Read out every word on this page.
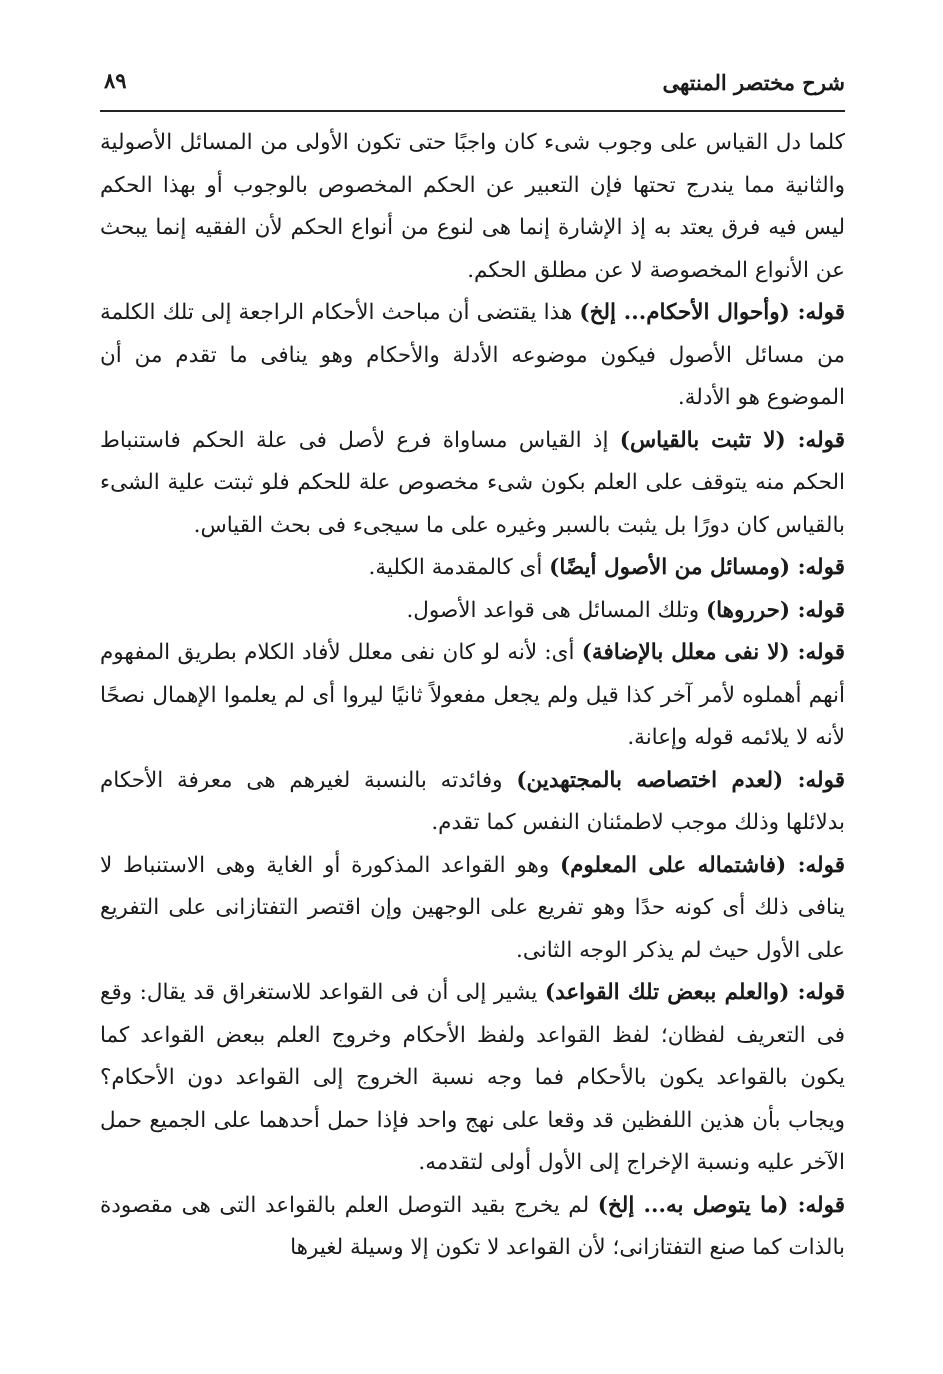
شرح مختصر المنتهى
٨٩

كلما دل القياس على وجوب شىء كان واجبًا حتى تكون الأولى من المسائل الأصولية والثانية مما يندرج تحتها فإن التعبير عن الحكم المخصوص بالوجوب أو بهذا الحكم ليس فيه فرق يعتد به إذ الإشارة إنما هى لنوع من أنواع الحكم لأن الفقيه إنما يبحث عن الأنواع المخصوصة لا عن مطلق الحكم.

قوله: (وأحوال الأحكام... إلخ) هذا يقتضى أن مباحث الأحكام الراجعة إلى تلك الكلمة من مسائل الأصول فيكون موضوعه الأدلة والأحكام وهو ينافى ما تقدم من أن الموضوع هو الأدلة.

قوله: (لا تثبت بالقياس) إذ القياس مساواة فرع لأصل فى علة الحكم فاستنباط الحكم منه يتوقف على العلم بكون شىء مخصوص علة للحكم فلو ثبتت علية الشىء بالقياس كان دورًا بل يثبت بالسبر وغيره على ما سيجىء فى بحث القياس.

قوله: (ومسائل من الأصول أيضًا) أى كالمقدمة الكلية.

قوله: (حرروها) وتلك المسائل هى قواعد الأصول.

قوله: (لا نفى معلل بالإضافة) أى: لأنه لو كان نفى معلل لأفاد الكلام بطريق المفهوم أنهم أهملوه لأمر آخر كذا قيل ولم يجعل مفعولاً ثانيًا ليروا أى لم يعلموا الإهمال نصحًا لأنه لا يلائمه قوله وإعانة.

قوله: (لعدم اختصاصه بالمجتهدين) وفائدته بالنسبة لغيرهم هى معرفة الأحكام بدلائلها وذلك موجب لاطمئنان النفس كما تقدم.

قوله: (فاشتماله على المعلوم) وهو القواعد المذكورة أو الغاية وهى الاستنباط لا ينافى ذلك أى كونه حدًا وهو تفريع على الوجهين وإن اقتصر التفتازانى على التفريع على الأول حيث لم يذكر الوجه الثانى.

قوله: (والعلم ببعض تلك القواعد) يشير إلى أن فى القواعد للاستغراق قد يقال: وقع فى التعريف لفظان؛ لفظ القواعد ولفظ الأحكام وخروج العلم ببعض القواعد كما يكون بالقواعد يكون بالأحكام فما وجه نسبة الخروج إلى القواعد دون الأحكام؟ ويجاب بأن هذين اللفظين قد وقعا على نهج واحد فإذا حمل أحدهما على الجميع حمل الآخر عليه ونسبة الإخراج إلى الأول أولى لتقدمه.

قوله: (ما يتوصل به... إلخ) لم يخرج بقيد التوصل العلم بالقواعد التى هى مقصودة بالذات كما صنع التفتازانى؛ لأن القواعد لا تكون إلا وسيلة لغيرها
